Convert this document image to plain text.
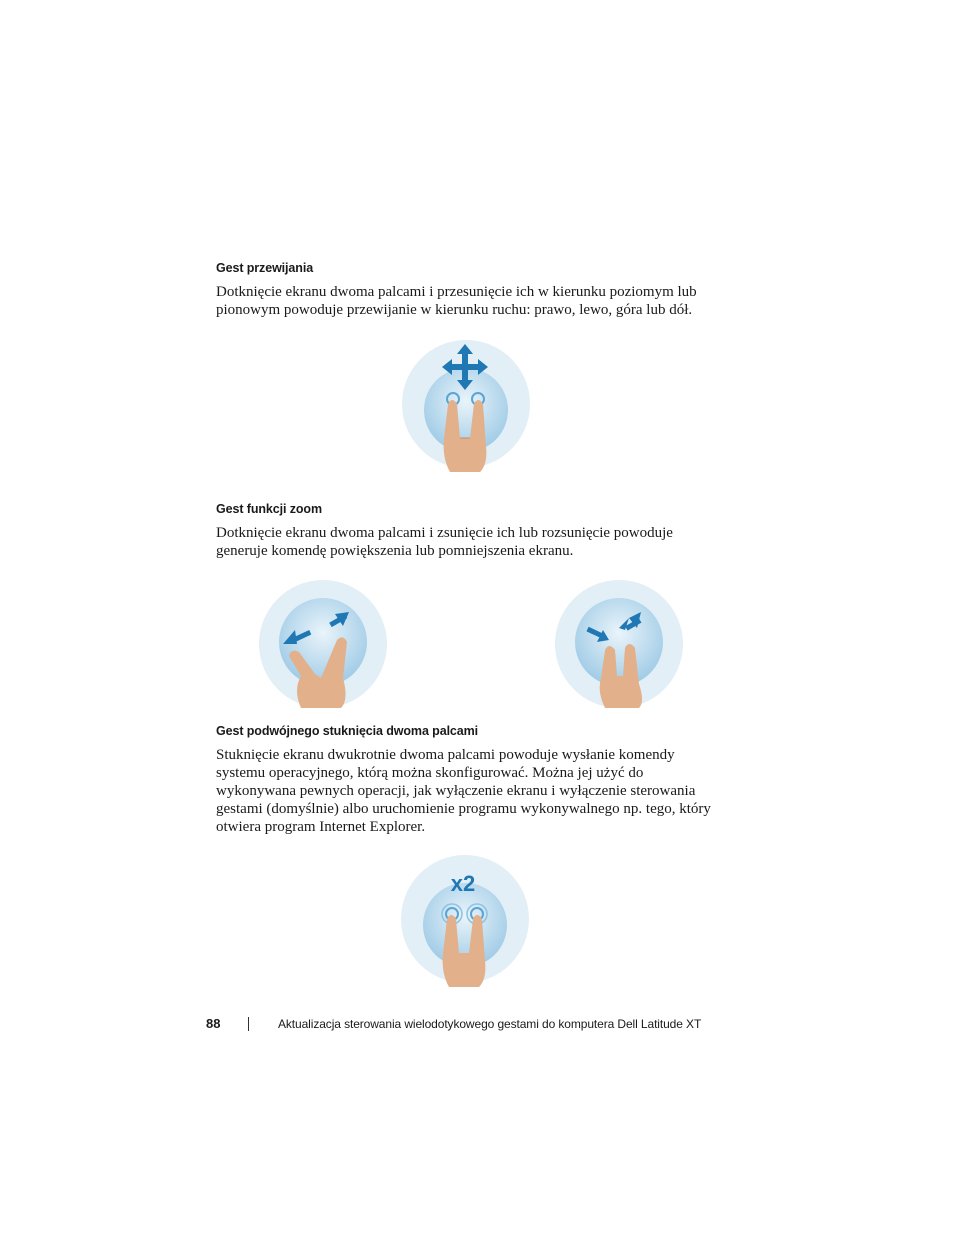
Gest przewijania

Dotknięcie ekranu dwoma palcami i przesunięcie ich w kierunku poziomym lub pionowym powoduje przewijanie w kierunku ruchu: prawo, lewo, góra lub dół.

Gest funkcji zoom

Dotknięcie ekranu dwoma palcami i zsunięcie ich lub rozsunięcie powoduje generuje komendę powiększenia lub pomniejszenia ekranu.

Gest podwójnego stuknięcia dwoma palcami

Stuknięcie ekranu dwukrotnie dwoma palcami powoduje wysłanie komendy systemu operacyjnego, którą można skonfigurować. Można jej użyć do wykonywana pewnych operacji, jak wyłączenie ekranu i wyłączenie sterowania gestami (domyślnie) albo uruchomienie programu wykonywalnego np. tego, który otwiera program Internet Explorer.

x2
88	Aktualizacja sterowania wielodotykowego gestami do komputera Dell Latitude XT
